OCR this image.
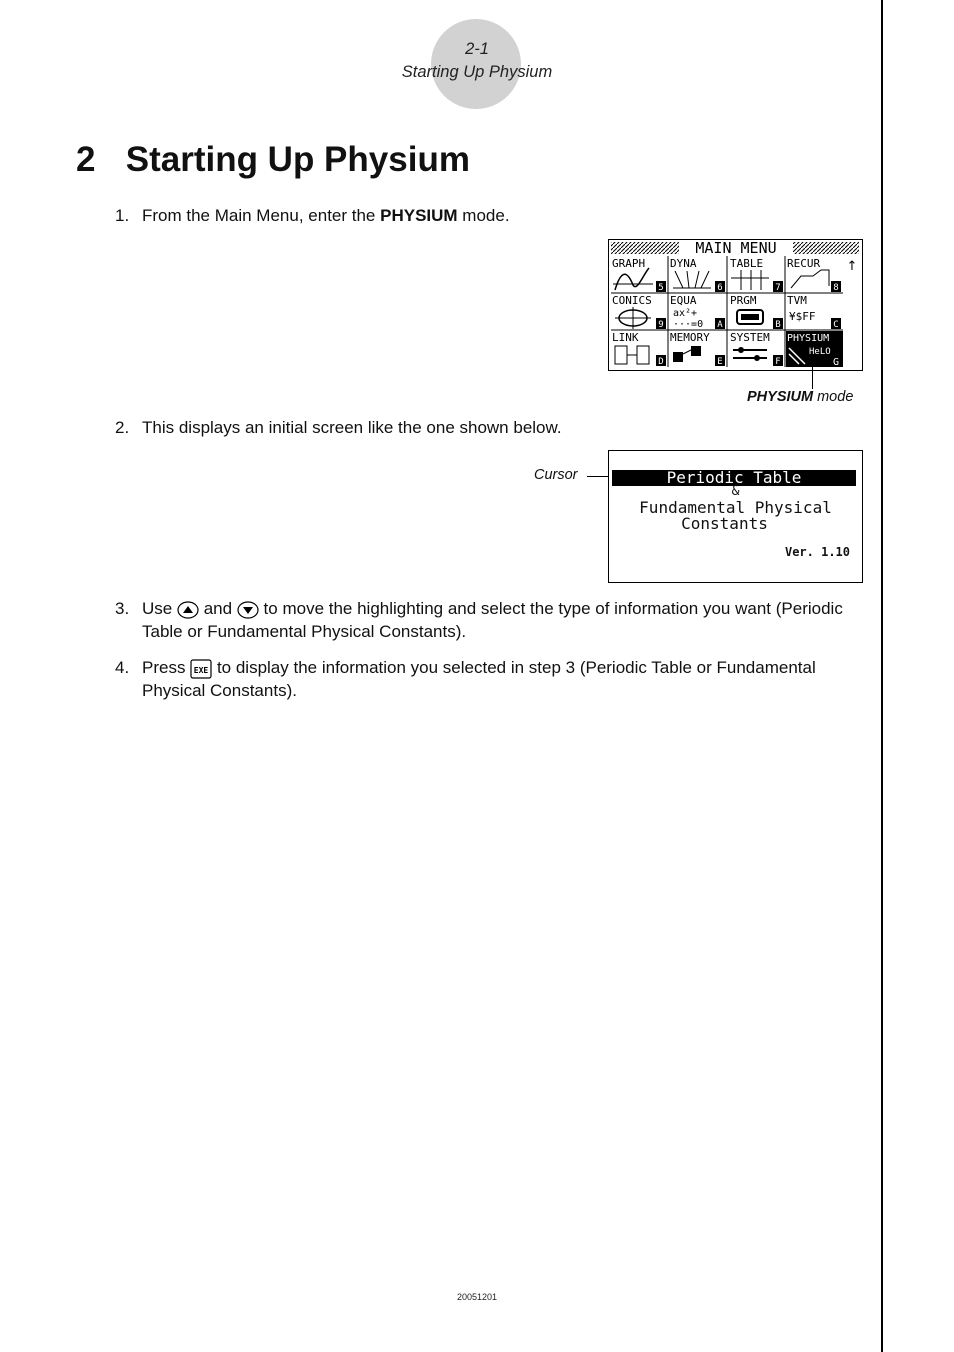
2-1
Starting Up Physium
2 Starting Up Physium
1. From the Main Menu, enter the PHYSIUM mode.
MAIN MENU
GRAPH
5
DYNA
6
TABLE
7
RECUR
8
↑
CONICS
9
EQUA
ax²+
···=0 A
PRGM
B
TVM
¥$FF
C
LINK
D
MEMORY
E
SYSTEM
F
PHYSIUM
HeLO
G
PHYSIUM mode
2. This displays an initial screen like the one shown below.
Cursor	Periodic Table
&
Fundamental Physical
Constants
Ver. 1.10
3. Use and to move the highlighting and select the type of information you want (Periodic Table or Fundamental Physical Constants).
4. Press EXE to display the information you selected in step 3 (Periodic Table or Fundamental Physical Constants).
20051201
